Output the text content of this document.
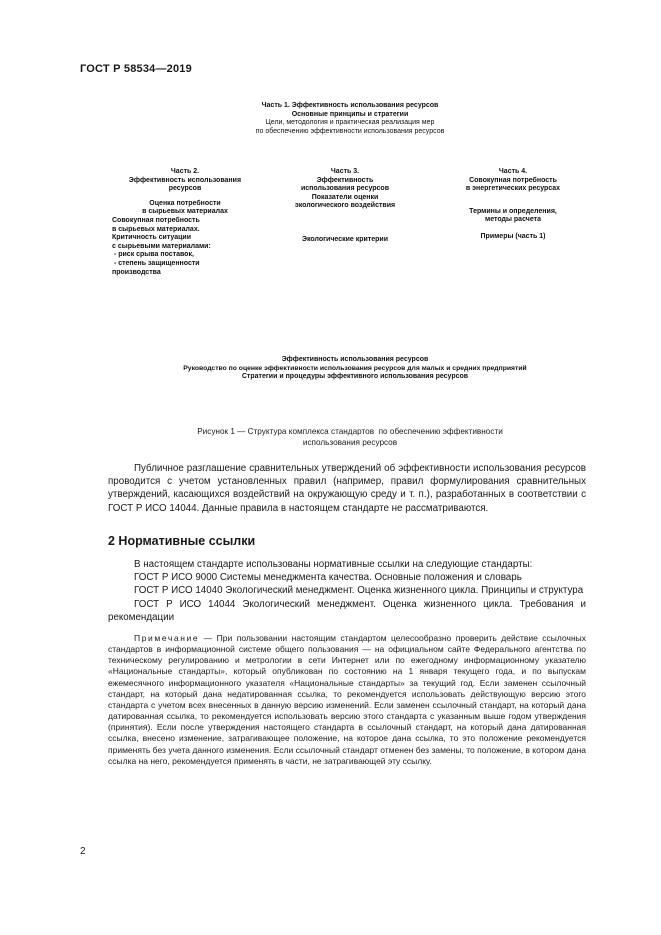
ГОСТ Р 58534—2019

Часть 1. Эффективность использования ресурсов

Основные принципы и стратегии

Цели, методология и практическая реализация мер

по обеспечению эффективности использования ресурсов

Часть 2.

Эффективность использования

ресурсов

Оценка потребности

в сырьевых материалах

Совокупная потребность

в сырьевых материалах.

Критичность ситуации

с сырьевыми материалами:

- риск срыва поставок,

- степень защищенности

производства

Часть 3.

Эффективность

использования ресурсов

Показатели оценки

экологического воздействия

Экологические критерии

Часть 4.

Совокупная потребность

в энергетических ресурсах

Термины и определения,

методы расчета

Примеры (часть 1)

Эффективность использования ресурсов

Руководство по оценке эффективности использования ресурсов для малых и средних предприятий

Стратегии и процедуры эффективного использования ресурсов

Рисунок 1 — Структура комплекса стандартов  по обеспечению эффективности

использования ресурсов

Публичное разглашение сравнительных утверждений об эффективности использования ресурсов проводится с учетом установленных правил (например, правил формулирования сравнительных утверждений, касающихся воздействий на окружающую среду и т. п.), разработанных в соответствии с ГОСТ Р ИСО 14044. Данные правила в настоящем стандарте не рассматриваются.

2 Нормативные ссылки

В настоящем стандарте использованы нормативные ссылки на следующие стандарты:

ГОСТ Р ИСО 9000 Системы менеджмента качества. Основные положения и словарь

ГОСТ Р ИСО 14040 Экологический менеджмент. Оценка жизненного цикла. Принципы и структура

ГОСТ Р ИСО 14044 Экологический менеджмент. Оценка жизненного цикла. Требования и рекомендации

Примечание — При пользовании настоящим стандартом целесообразно проверить действие ссылочных стандартов в информационной системе общего пользования — на официальном сайте Федерального агентства по техническому регулированию и метрологии в сети Интернет или по ежегодному информационному указателю «Национальные стандарты», который опубликован по состоянию на 1 января текущего года, и по выпускам ежемесячного информационного указателя «Национальные стандарты» за текущий год. Если заменен ссылочный стандарт, на который дана недатированная ссылка, то рекомендуется использовать действующую версию этого стандарта с учетом всех внесенных в данную версию изменений. Если заменен ссылочный стандарт, на который дана датированная ссылка, то рекомендуется использовать версию этого стандарта с указанным выше годом утверждения (принятия). Если после утверждения настоящего стандарта в ссылочный стандарт, на который дана датированная ссылка, внесено изменение, затрагивающее положение, на которое дана ссылка, то это положение рекомендуется применять без учета данного изменения. Если ссылочный стандарт отменен без замены, то положение, в котором дана ссылка на него, рекомендуется применять в части, не затрагивающей эту ссылку.

2
